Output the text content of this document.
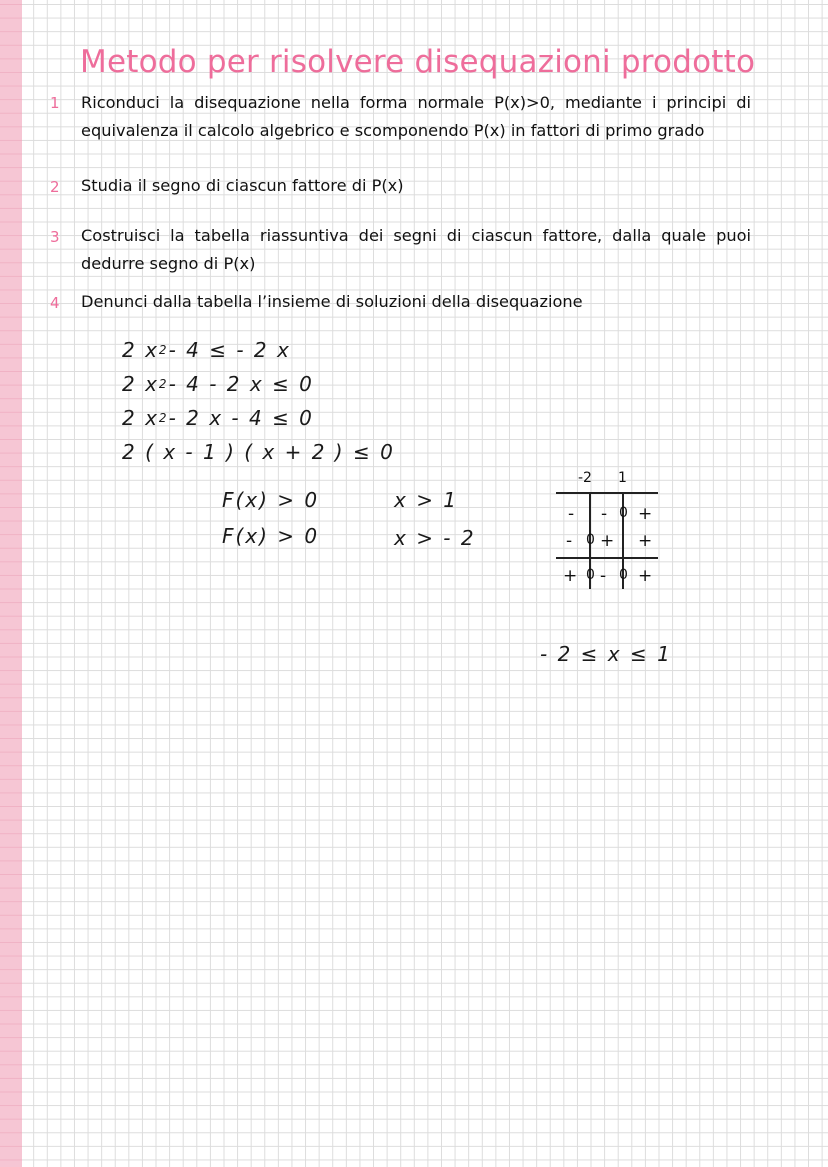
Metodo per risolvere disequazioni prodotto
1 Riconduci la disequazione nella forma normale P(x)>0, mediante i principi di equivalenza il calcolo algebrico e scomponendo P(x) in fattori di primo grado
2 Studia il segno di ciascun fattore di P(x)
3 Costruisci la tabella riassuntiva dei segni di ciascun fattore, dalla quale puoi dedurre segno di P(x)
4 Denunci dalla tabella l’insieme di soluzioni della disequazione
2 $x^2-$ 4 ≤ - 2 x
2 $x^2-$ 4 - 2 x ≤ 0
2 $x^2-$ 2 x - 4 ≤ 0
2 ( x - 1 ) ( x + 2 ) ≤ 0
F(x) > 0
F(x) > 0
x > 1
x > - 2
-2 1
- - 0 +
- 0 + +
+ 0 - 0 +
- 2 ≤ x ≤ 1
